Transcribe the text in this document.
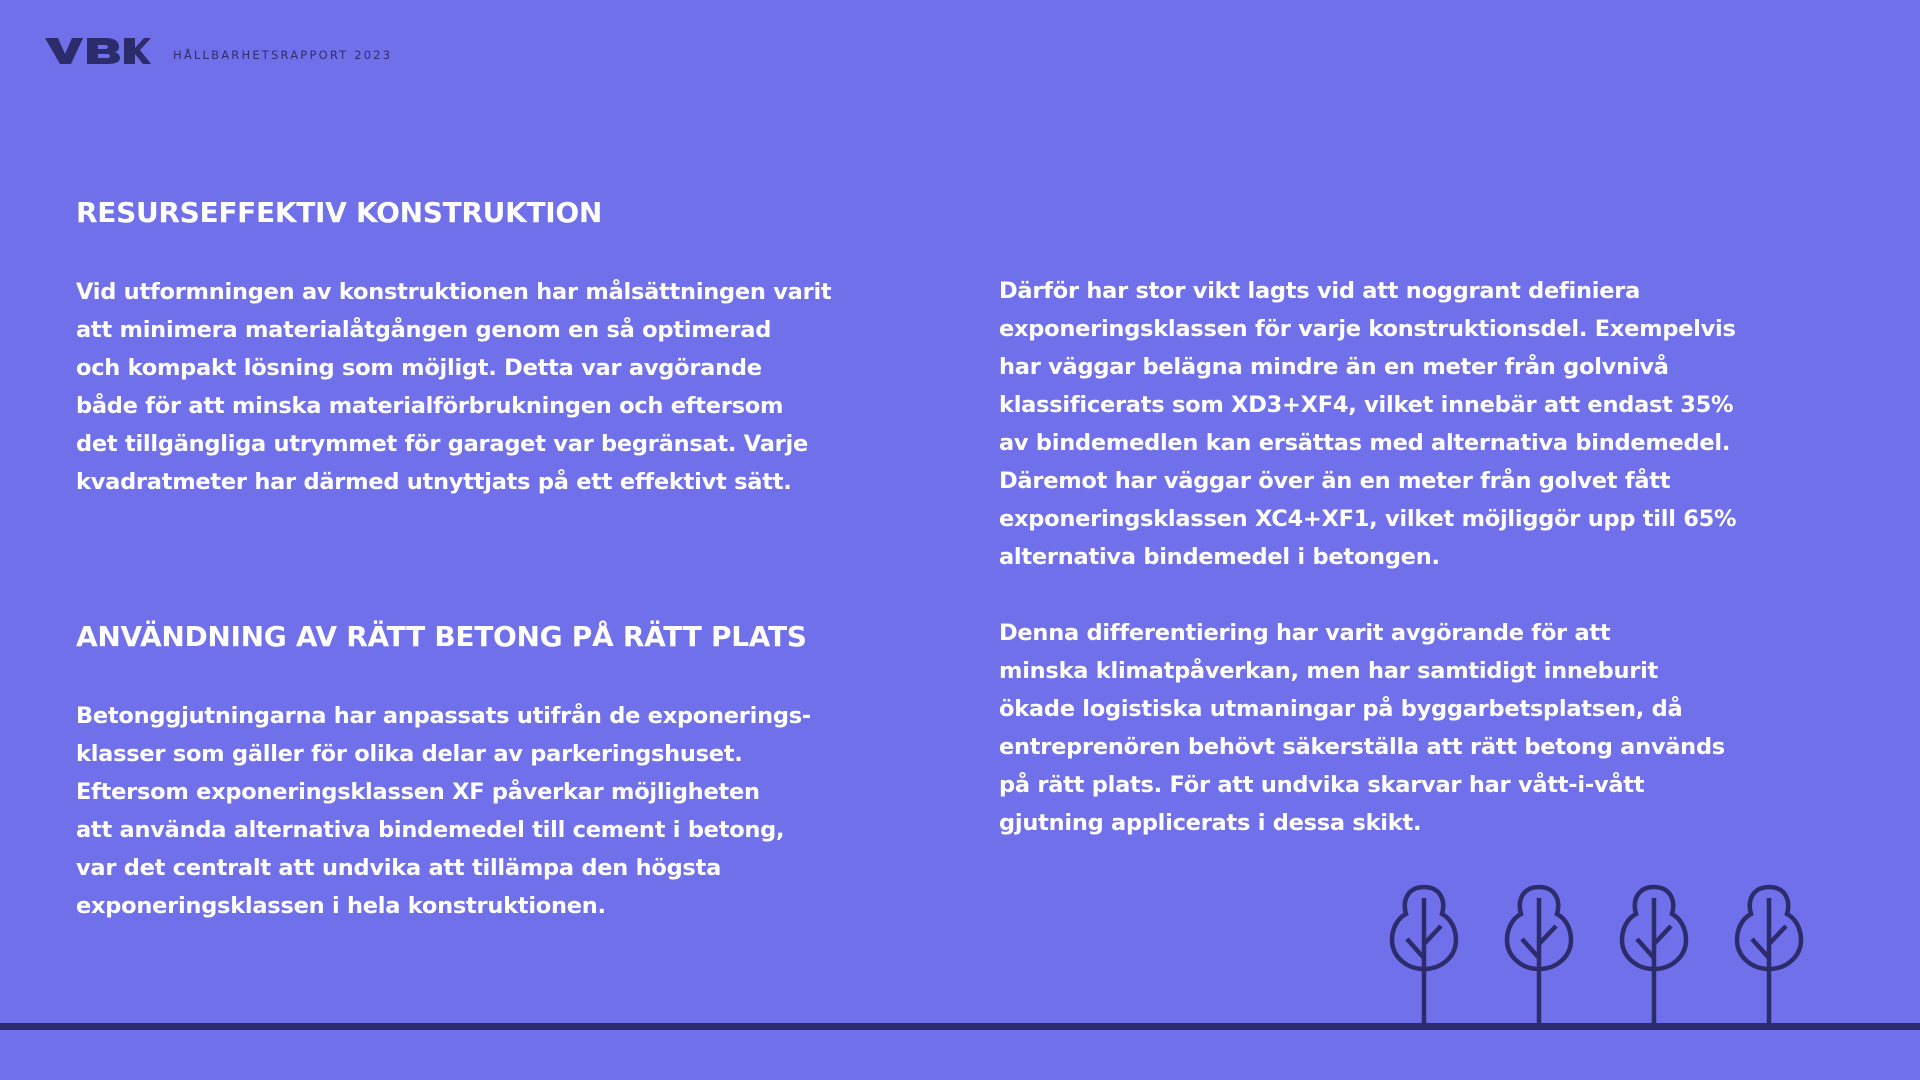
HÅLLBARHETSRAPPORT 2023
RESURSEFFEKTIV KONSTRUKTION

Vid utformningen av konstruktionen har målsättningen varit
att minimera materialåtgången genom en så optimerad
och kompakt lösning som möjligt. Detta var avgörande
både för att minska materialförbrukningen och eftersom
det tillgängliga utrymmet för garaget var begränsat. Varje
kvadratmeter har därmed utnyttjats på ett effektivt sätt.

ANVÄNDNING AV RÄTT BETONG PÅ RÄTT PLATS

Betonggjutningarna har anpassats utifrån de exponerings-
klasser som gäller för olika delar av parkeringshuset.
Eftersom exponeringsklassen XF påverkar möjligheten
att använda alternativa bindemedel till cement i betong,
var det centralt att undvika att tillämpa den högsta
exponeringsklassen i hela konstruktionen.

Därför har stor vikt lagts vid att noggrant definiera
exponeringsklassen för varje konstruktionsdel. Exempelvis
har väggar belägna mindre än en meter från golvnivå
klassificerats som XD3+XF4, vilket innebär att endast 35%
av bindemedlen kan ersättas med alternativa bindemedel.
Däremot har väggar över än en meter från golvet fått
exponeringsklassen XC4+XF1, vilket möjliggör upp till 65%
alternativa bindemedel i betongen.

Denna differentiering har varit avgörande för att
minska klimatpåverkan, men har samtidigt inneburit
ökade logistiska utmaningar på byggarbetsplatsen, då
entreprenören behövt säkerställa att rätt betong används
på rätt plats. För att undvika skarvar har vått-i-vått
gjutning applicerats i dessa skikt.
